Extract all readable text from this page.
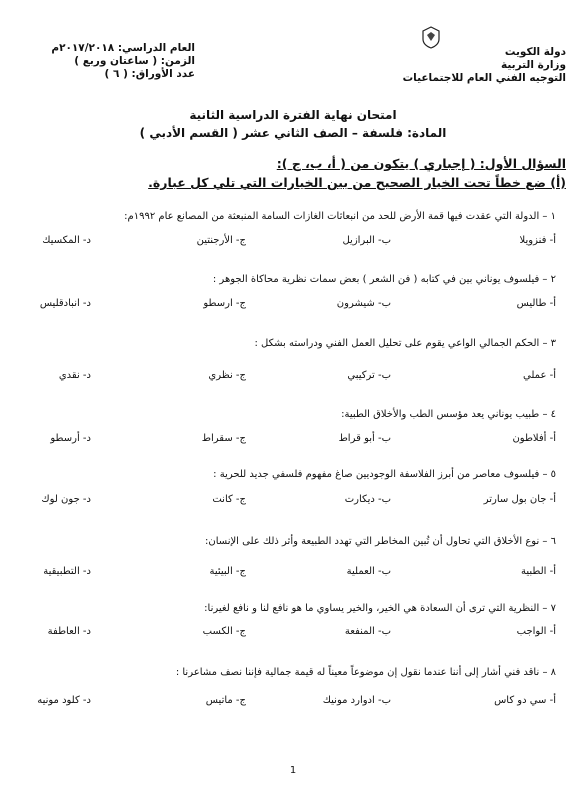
دولة الكويت
وزارة التربية
التوجيه الفني العام للاجتماعيات
العام الدراسي: ٢٠١٧/٢٠١٨م
الزمن: ( ساعتان وربع )
عدد الأوراق: ( ٦ )
امتحان نهاية الفترة الدراسية الثانية
المادة: فلسفة – الصف الثاني عشر ( القسم الأدبي )
السؤال الأول: ( إجباري ) يتكون من ( أ، ب، ج ):
(أ) ضع خطاً تحت الخيار الصحيح من بين الخيارات التي تلي كل عبارة.
١ – الدولة التي عقدت فيها قمة الأرض للحد من انبعاثات الغازات السامة المنبعثة من المصانع عام ١٩٩٢م:
أ- فنزويلا
ب- البرازيل
ج- الأرجنتين
د- المكسيك
٢ – فيلسوف يوناني بين في كتابه ( فن الشعر ) بعض سمات نظرية محاكاة الجوهر :
أ- طاليس
ب- شيشرون
ج- ارسطو
د- انبادقليس
٣ – الحكم الجمالي الواعي يقوم على تحليل العمل الفني ودراسته بشكل :
أ- عملي
ب- تركيبي
ج- نظري
د- نقدي
٤ – طبيب يوناني يعد مؤسس الطب والأخلاق الطبية:
أ- أفلاطون
ب- أبو قراط
ج- سقراط
د- أرسطو
٥ – فيلسوف معاصر من أبرز الفلاسفة الوجوديين صاغ مفهوم فلسفي جديد للحرية :
أ- جان بول سارتر
ب- ديكارت
ج- كانت
د- جون لوك
٦ – نوع الأخلاق التي تحاول أن تُبين المخاطر التي تهدد الطبيعة وأثر ذلك على الإنسان:
أ- الطبية
ب- العملية
ج- البيئية
د- التطبيقية
٧ – النظرية التي ترى أن السعادة هي الخير، والخير يساوي ما هو نافع لنا و نافع لغيرنا:
أ- الواجب
ب- المنفعة
ج- الكسب
د- العاطفة
٨ – ناقد فني أشار إلى أننا عندما نقول إن موضوعاً معيناً له قيمة جمالية فإننا نصف مشاعرنا :
أ- سي دو كاس
ب- ادوارد مونيك
ج- ماتيس
د- كلود مونيه
1
